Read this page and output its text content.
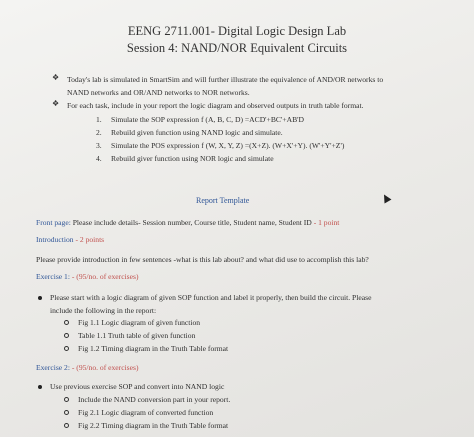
EENG 2711.001- Digital Logic Design Lab
Session 4: NAND/NOR Equivalent Circuits
❖ Today's lab is simulated in SmartSim and will further illustrate the equivalence of AND/OR networks to
NAND networks and OR/AND networks to NOR networks.
❖ For each task, include in your report the logic diagram and observed outputs in truth table format.
1. Simulate the SOP expression f (A, B, C, D) =ACD'+BC'+AB'D
2. Rebuild given function using NAND logic and simulate.
3. Simulate the POS expression f (W, X, Y, Z) =(X+Z). (W+X'+Y). (W'+Y'+Z')
4. Rebuild giver function using NOR logic and simulate
Report Template
Front page: Please include details- Session number, Course title, Student name, Student ID - 1 point
Introduction - 2 points
Please provide introduction in few sentences -what is this lab about? and what did use to accomplish this lab?
Exercise 1: - (95/no. of exercises)
Please start with a logic diagram of given SOP function and label it properly, then build the circuit. Please
include the following in the report:
Fig 1.1 Logic diagram of given function
Table 1.1 Truth table of given function
Fig 1.2 Timing diagram in the Truth Table format
Exercise 2: - (95/no. of exercises)
Use previous exercise SOP and convert into NAND logic
Include the NAND conversion part in your report.
Fig 2.1 Logic diagram of converted function
Fig 2.2 Timing diagram in the Truth Table format
